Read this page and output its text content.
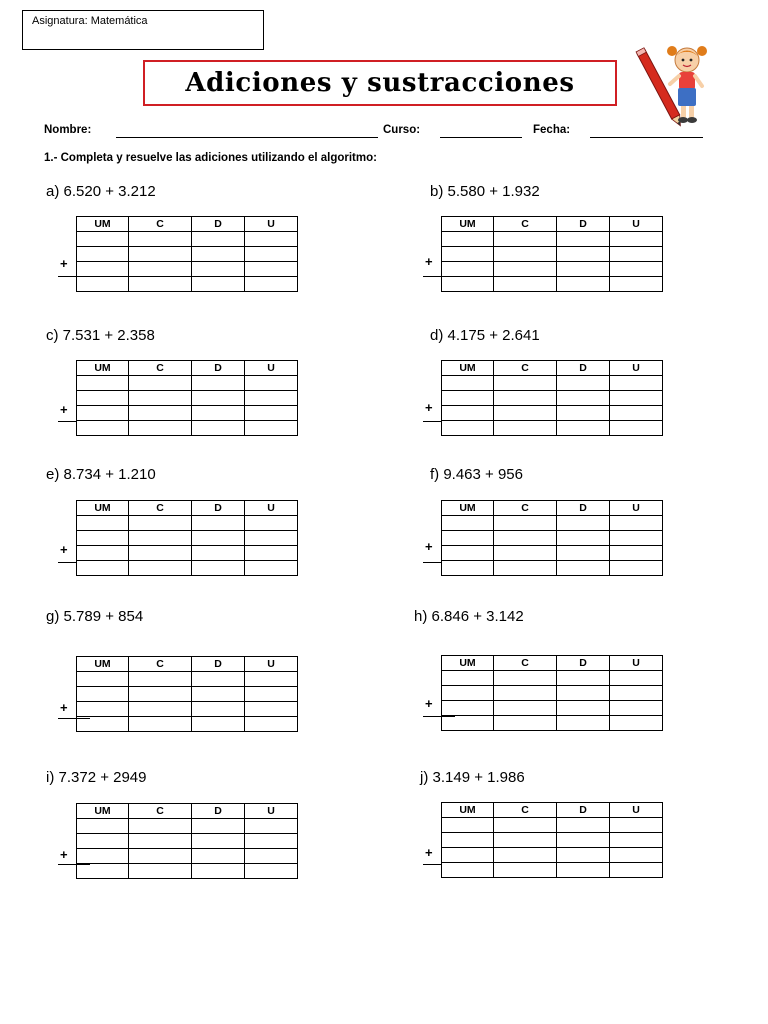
Asignatura: Matemática
Adiciones y sustracciones
Nombre:	Curso:	Fecha:
1.- Completa y resuelve las adiciones utilizando el algoritmo:
a) 6.520 + 3.212
UM	C	D	U

+
b) 5.580 + 1.932
UM	C	D	U

+
c) 7.531 + 2.358
UM	C	D	U

+
d) 4.175 + 2.641
UM	C	D	U

+
e) 8.734 + 1.210
UM	C	D	U

+
f) 9.463 + 956
UM	C	D	U

+
g) 5.789 + 854
UM	C	D	U

+
h) 6.846 + 3.142
UM	C	D	U

+
i) 7.372 + 2949
UM	C	D	U

+
j) 3.149 + 1.986
UM	C	D	U

+
